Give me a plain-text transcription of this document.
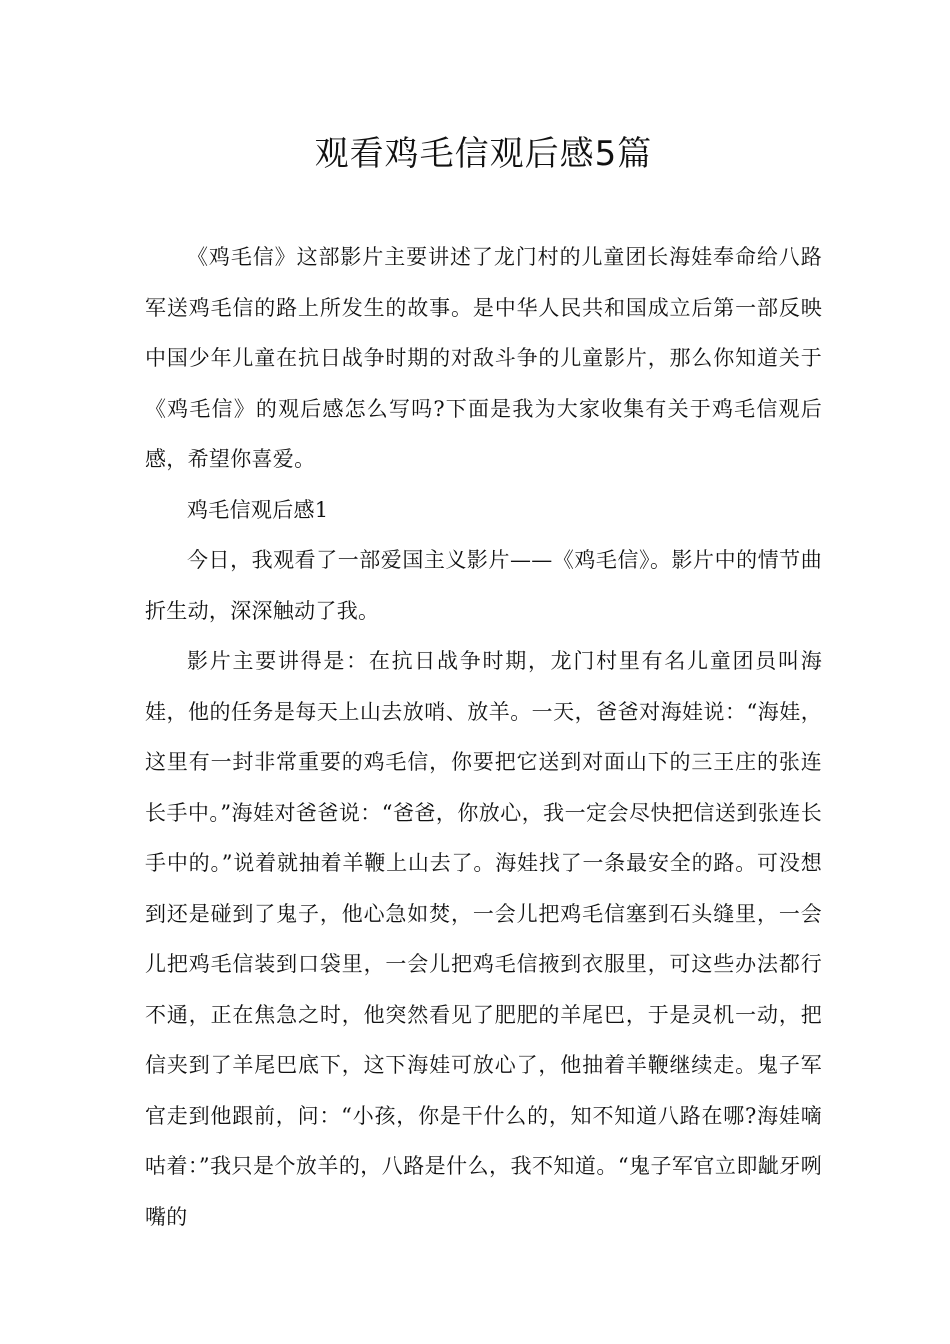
观看鸡毛信观后感5篇

《鸡毛信》这部影片主要讲述了龙门村的儿童团长海娃奉命给八路军送鸡毛信的路上所发生的故事。是中华人民共和国成立后第一部反映中国少年儿童在抗日战争时期的对敌斗争的儿童影片，那么你知道关于《鸡毛信》的观后感怎么写吗?下面是我为大家收集有关于鸡毛信观后感，希望你喜爱。

鸡毛信观后感1

今日，我观看了一部爱国主义影片——《鸡毛信》。影片中的情节曲折生动，深深触动了我。

影片主要讲得是：在抗日战争时期，龙门村里有名儿童团员叫海娃，他的任务是每天上山去放哨、放羊。一天，爸爸对海娃说：“海娃，这里有一封非常重要的鸡毛信，你要把它送到对面山下的三王庄的张连长手中。”海娃对爸爸说：“爸爸，你放心，我一定会尽快把信送到张连长手中的。”说着就抽着羊鞭上山去了。海娃找了一条最安全的路。可没想到还是碰到了鬼子，他心急如焚，一会儿把鸡毛信塞到石头缝里，一会儿把鸡毛信装到口袋里，一会儿把鸡毛信掖到衣服里，可这些办法都行不通，正在焦急之时，他突然看见了肥肥的羊尾巴，于是灵机一动，把信夹到了羊尾巴底下，这下海娃可放心了，他抽着羊鞭继续走。鬼子军官走到他跟前，问：“小孩，你是干什么的，知不知道八路在哪?海娃嘀咕着：”我只是个放羊的，八路是什么，我不知道。“鬼子军官立即龇牙咧嘴的
